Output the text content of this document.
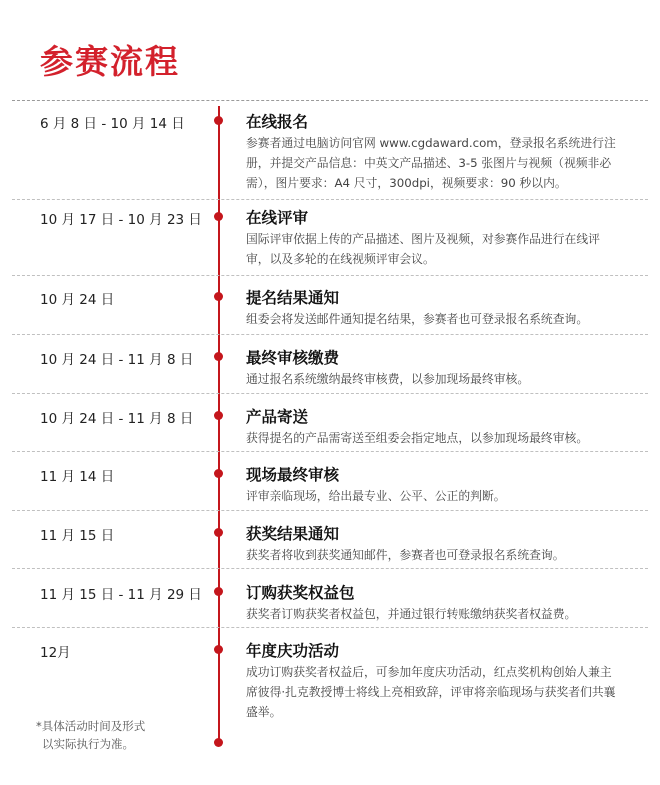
参赛流程
6 月 8 日 - 10 月 14 日	在线报名
参赛者通过电脑访问官网 www.cgdaward.com，登录报名系统进行注册，并提交产品信息：中英文产品描述、3-5 张图片与视频（视频非必需），图片要求：A4 尺寸，300dpi，视频要求：90 秒以内。
10 月 17 日 - 10 月 23 日	在线评审
国际评审依据上传的产品描述、图片及视频，对参赛作品进行在线评审，以及多轮的在线视频评审会议。
10 月 24 日	提名结果通知
组委会将发送邮件通知提名结果，参赛者也可登录报名系统查询。
10 月 24 日 - 11 月 8 日	最终审核缴费
通过报名系统缴纳最终审核费，以参加现场最终审核。
10 月 24 日 - 11 月 8 日	产品寄送
获得提名的产品需寄送至组委会指定地点，以参加现场最终审核。
11 月 14 日	现场最终审核
评审亲临现场，给出最专业、公平、公正的判断。
11 月 15 日	获奖结果通知
获奖者将收到获奖通知邮件，参赛者也可登录报名系统查询。
11 月 15 日 - 11 月 29 日	订购获奖权益包
获奖者订购获奖者权益包，并通过银行转账缴纳获奖者权益费。
12月	年度庆功活动
成功订购获奖者权益后，可参加年度庆功活动，红点奖机构创始人兼主席彼得·扎克教授博士将线上亮相致辞，评审将亲临现场与获奖者们共襄盛举。
*具体活动时间及形式
以实际执行为准。
